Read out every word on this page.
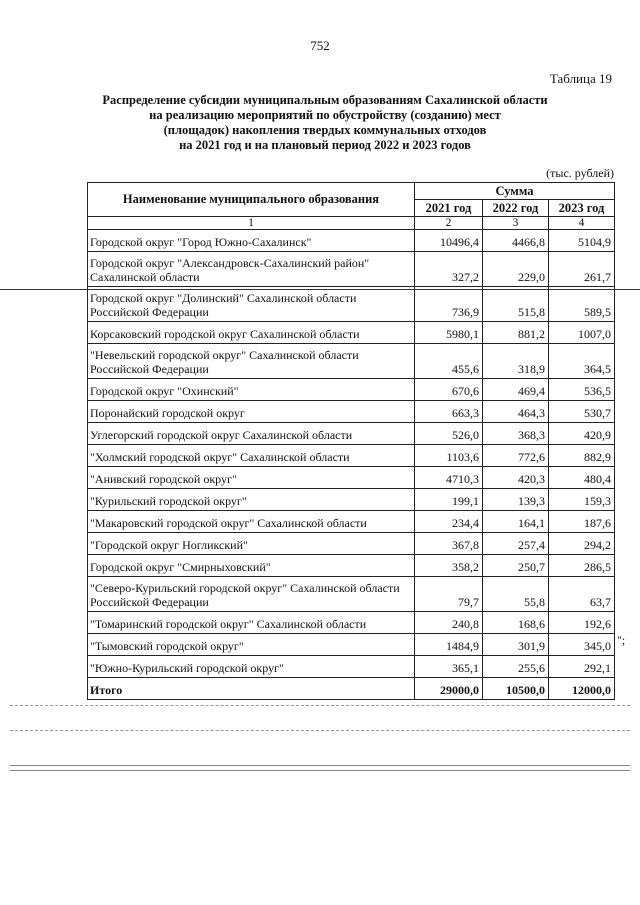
752
Таблица 19
Распределение субсидии муниципальным образованиям Сахалинской области
на реализацию мероприятий по обустройству (созданию) мест
(площадок) накопления твердых коммунальных отходов
на 2021 год и на плановый период 2022 и 2023 годов
(тыс. рублей)
Наименование муниципального образования	Сумма		
	2021 год	2022 год	2023 год
1	2	3	4
Городской округ "Город Южно-Сахалинск"	10496,4	4466,8	5104,9
Городской округ "Александровск-Сахалинский район" Сахалинской области	327,2	229,0	261,7
Городской округ "Долинский" Сахалинской области Российской Федерации	736,9	515,8	589,5
Корсаковский городской округ Сахалинской области	5980,1	881,2	1007,0
"Невельский городской округ" Сахалинской области Российской Федерации	455,6	318,9	364,5
Городской округ "Охинский"	670,6	469,4	536,5
Поронайский городской округ	663,3	464,3	530,7
Углегорский городской округ Сахалинской области	526,0	368,3	420,9
"Холмский городской округ" Сахалинской области	1103,6	772,6	882,9
"Анивский городской округ"	4710,3	420,3	480,4
"Курильский городской округ"	199,1	139,3	159,3
"Макаровский городской округ" Сахалинской области	234,4	164,1	187,6
"Городской округ Ногликский"	367,8	257,4	294,2
Городской округ "Смирныховский"	358,2	250,7	286,5
"Северо-Курильский городской округ" Сахалинской области Российской Федерации	79,7	55,8	63,7
"Томаринский городской округ" Сахалинской области	240,8	168,6	192,6
"Тымовский городской округ"	1484,9	301,9	345,0
"Южно-Курильский городской округ"	365,1	255,6	292,1
Итого	29000,0	10500,0	12000,0
";
